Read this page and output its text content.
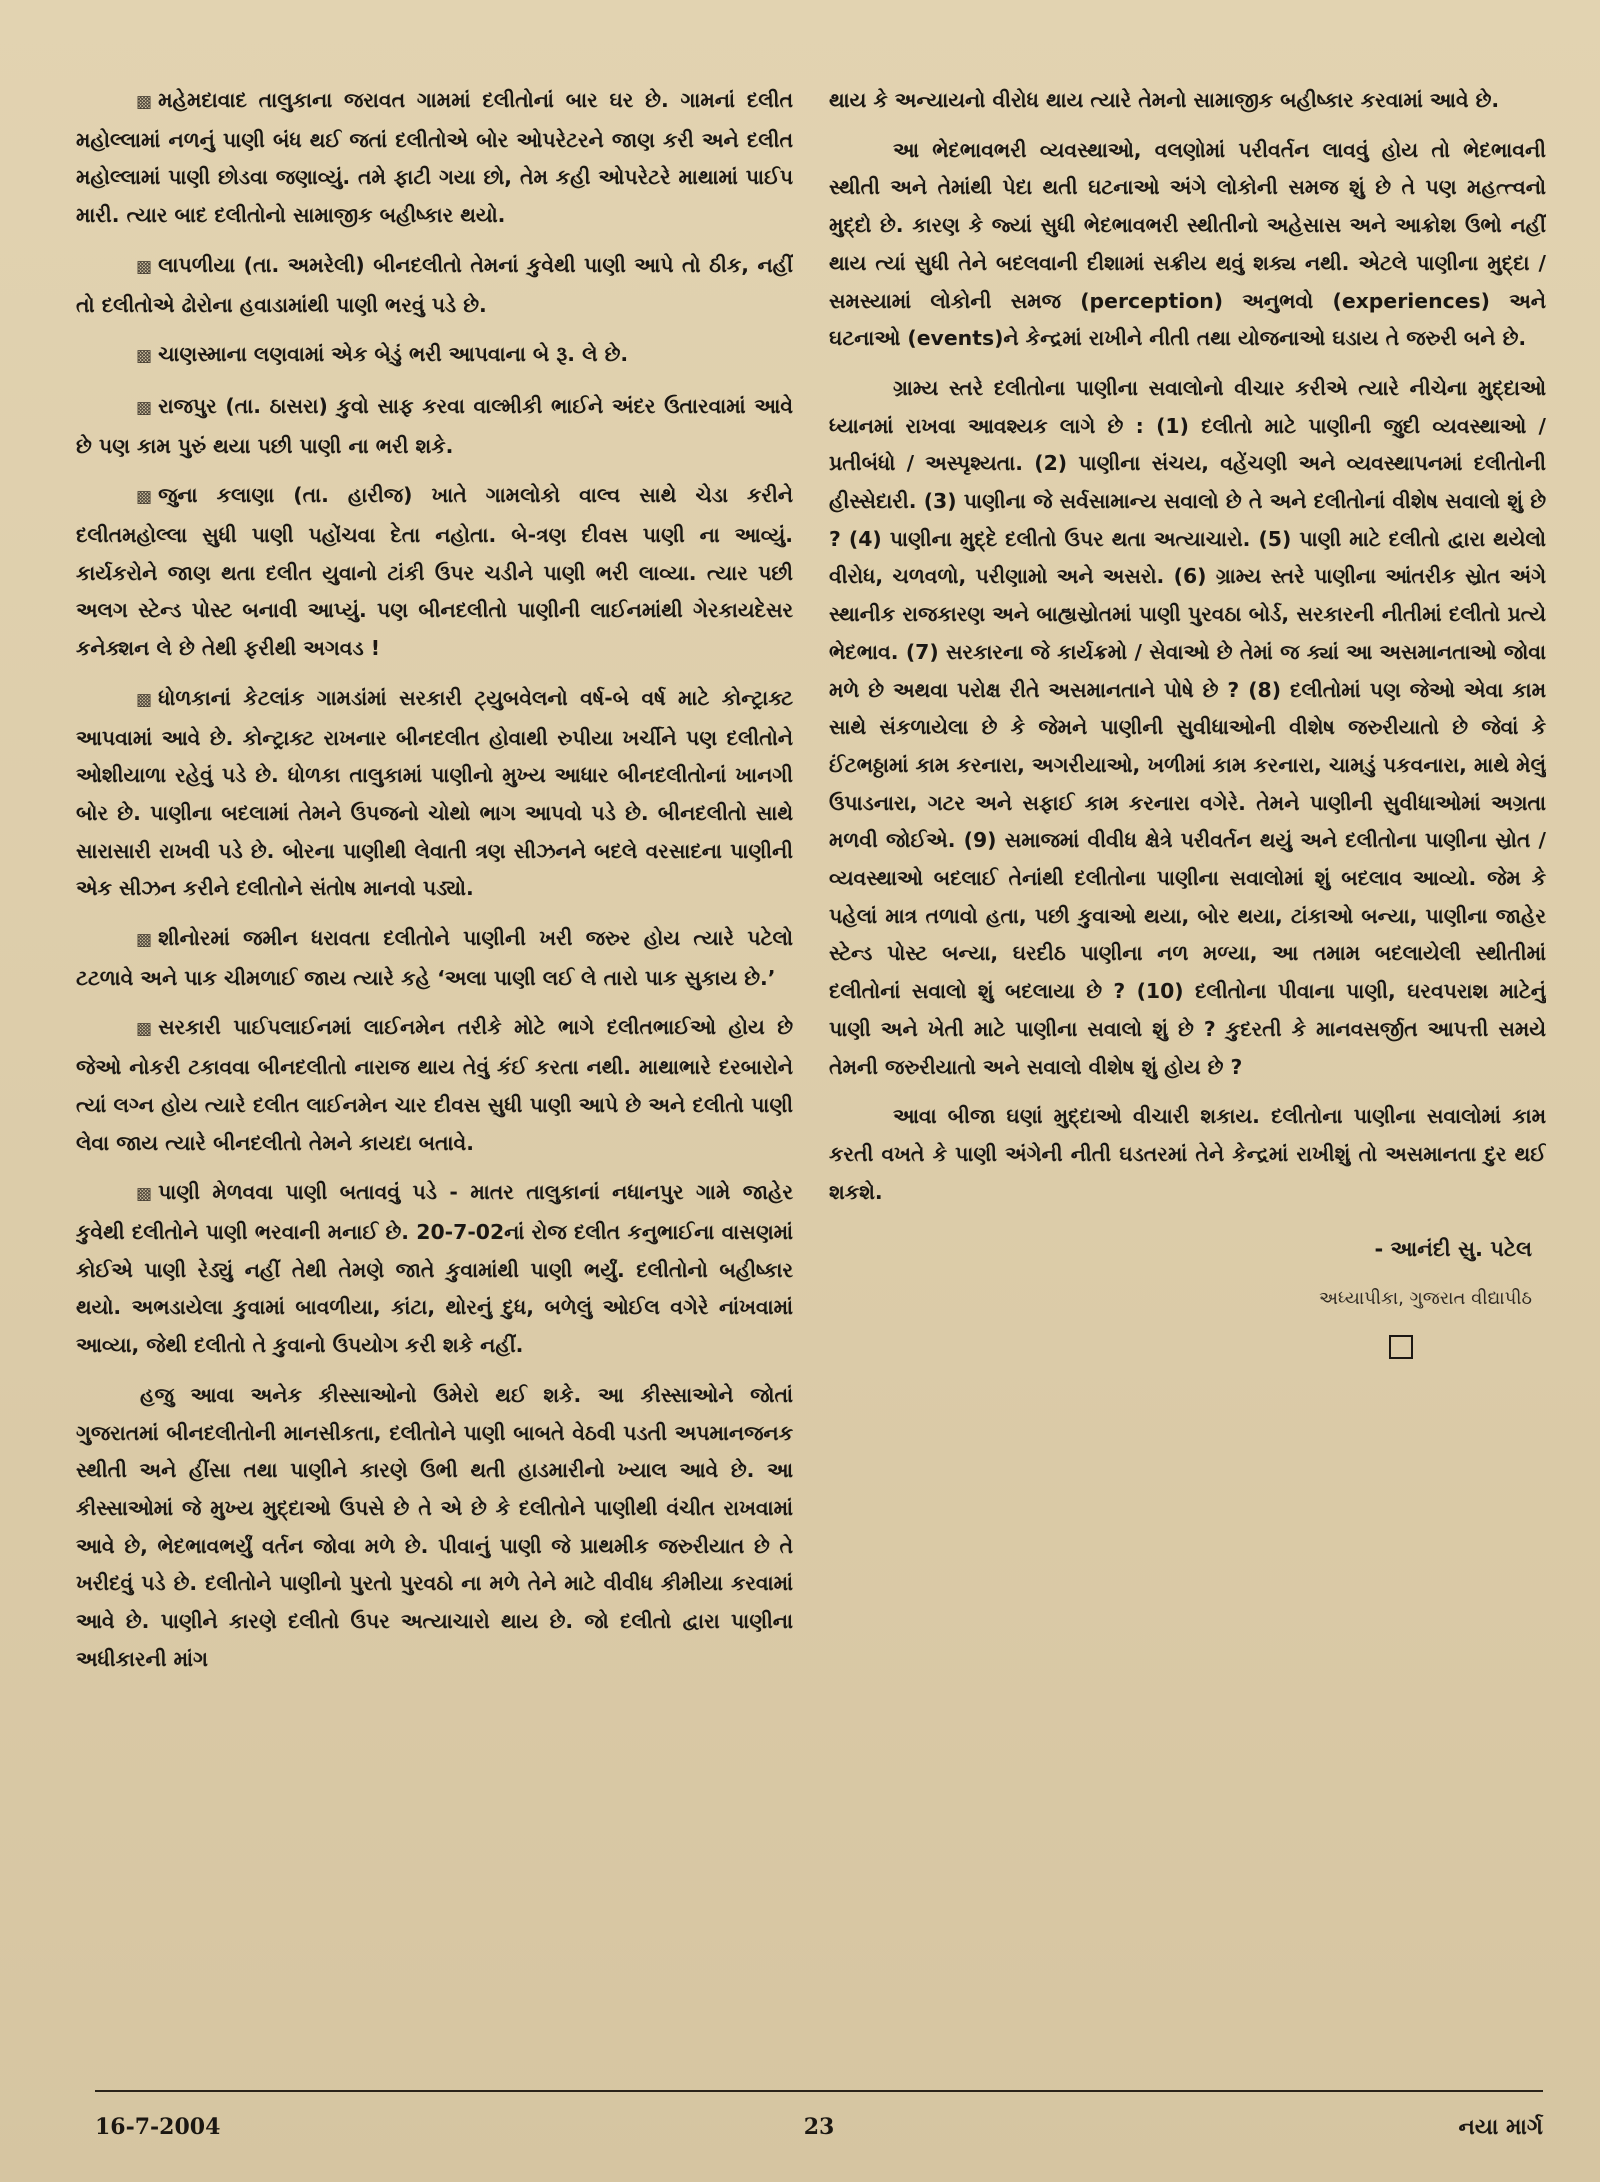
▩ મહેમદાવાદ તાલુકાના જરાવત ગામમાં દલીતોનાં બાર ઘર છે. ગામનાં દલીત મહોલ્લામાં નળનું પાણી બંધ થઈ જતાં દલીતોએ બોર ઓપરેટરને જાણ કરી અને દલીત મહોલ્લામાં પાણી છોડવા જણાવ્યું. તમે ફાટી ગયા છો, તેમ કહી ઓપરેટરે માથામાં પાઈપ મારી. ત્યાર બાદ દલીતોનો સામાજીક બહીષ્કાર થયો.

▩ લાપળીયા (તા. અમરેલી) બીનદલીતો તેમનાં કુવેથી પાણી આપે તો ઠીક, નહીં તો દલીતોએ ઢોરોના હવાડામાંથી પાણી ભરવું પડે છે.

▩ ચાણસ્માના લણવામાં એક બેડું ભરી આપવાના બે રૂ. લે છે.

▩ રાજપુર (તા. ઠાસરા) કુવો સાફ કરવા વાલ્મીકી ભાઈને અંદર ઉતારવામાં આવે છે પણ કામ પુરું થયા પછી પાણી ના ભરી શકે.

▩ જુના કલાણા (તા. હારીજ) ખાતે ગામલોકો વાલ્વ સાથે ચેડા કરીને દલીતમહોલ્લા સુધી પાણી પહોંચવા દેતા નહોતા. બે-ત્રણ દીવસ પાણી ના આવ્યું. કાર્યકરોને જાણ થતા દલીત યુવાનો ટાંકી ઉપર ચડીને પાણી ભરી લાવ્યા. ત્યાર પછી અલગ સ્ટેન્ડ પોસ્ટ બનાવી આપ્યું. પણ બીનદલીતો પાણીની લાઈનમાંથી ગેરકાયદેસર કનેક્શન લે છે તેથી ફરીથી અગવડ !

▩ ધોળકાનાં કેટલાંક ગામડાંમાં સરકારી ટ્યુબવેલનો વર્ષ-બે વર્ષ માટે કોન્ટ્રાક્ટ આપવામાં આવે છે. કોન્ટ્રાક્ટ રાખનાર બીનદલીત હોવાથી રુપીયા ખર્ચીને પણ દલીતોને ઓશીયાળા રહેવું પડે છે. ધોળકા તાલુકામાં પાણીનો મુખ્ય આધાર બીનદલીતોનાં ખાનગી બોર છે. પાણીના બદલામાં તેમને ઉપજનો ચોથો ભાગ આપવો પડે છે. બીનદલીતો સાથે સારાસારી રાખવી પડે છે. બોરના પાણીથી લેવાતી ત્રણ સીઝનને બદલે વરસાદના પાણીની એક સીઝન કરીને દલીતોને સંતોષ માનવો પડ્યો.

▩ શીનોરમાં જમીન ધરાવતા દલીતોને પાણીની ખરી જરુર હોય ત્યારે પટેલો ટટળાવે અને પાક ચીમળાઈ જાય ત્યારે કહે ‘અલા પાણી લઈ લે તારો પાક સુકાય છે.’

▩ સરકારી પાઈપલાઈનમાં લાઈનમેન તરીકે મોટે ભાગે દલીતભાઈઓ હોય છે જેઓ નોકરી ટકાવવા બીનદલીતો નારાજ થાય તેવું કંઈ કરતા નથી. માથાભારે દરબારોને ત્યાં લગ્ન હોય ત્યારે દલીત લાઈનમેન ચાર દીવસ સુધી પાણી આપે છે અને દલીતો પાણી લેવા જાય ત્યારે બીનદલીતો તેમને કાયદા બતાવે.

▩ પાણી મેળવવા પાણી બતાવવું પડે - માતર તાલુકાનાં નધાનપુર ગામે જાહેર કુવેથી દલીતોને પાણી ભરવાની મનાઈ છે. 20-7-02નાં રોજ દલીત કનુભાઈના વાસણમાં કોઈએ પાણી રેડ્યું નહીં તેથી તેમણે જાતે કુવામાંથી પાણી ભર્યું. દલીતોનો બહીષ્કાર થયો. અભડાયેલા કુવામાં બાવળીયા, કાંટા, થોરનું દુધ, બળેલું ઓઈલ વગેરે નાંખવામાં આવ્યા, જેથી દલીતો તે કુવાનો ઉપયોગ કરી શકે નહીં.

હજુ આવા અનેક કીસ્સાઓનો ઉમેરો થઈ શકે. આ કીસ્સાઓને જોતાં ગુજરાતમાં બીનદલીતોની માનસીકતા, દલીતોને પાણી બાબતે વેઠવી પડતી અપમાનજનક સ્થીતી અને હીંસા તથા પાણીને કારણે ઉભી થતી હાડમારીનો ખ્યાલ આવે છે. આ કીસ્સાઓમાં જે મુખ્ય મુદ્દાઓ ઉપસે છે તે એ છે કે દલીતોને પાણીથી વંચીત રાખવામાં આવે છે, ભેદભાવભર્યું વર્તન જોવા મળે છે. પીવાનું પાણી જે પ્રાથમીક જરુરીયાત છે તે ખરીદવું પડે છે. દલીતોને પાણીનો પુરતો પુરવઠો ના મળે તેને માટે વીવીધ કીમીયા કરવામાં આવે છે. પાણીને કારણે દલીતો ઉપર અત્યાચારો થાય છે. જો દલીતો દ્વારા પાણીના અધીકારની માંગ

થાય કે અન્યાયનો વીરોધ થાય ત્યારે તેમનો સામાજીક બહીષ્કાર કરવામાં આવે છે.

આ ભેદભાવભરી વ્યવસ્થાઓ, વલણોમાં પરીવર્તન લાવવું હોય તો ભેદભાવની સ્થીતી અને તેમાંથી પેદા થતી ઘટનાઓ અંગે લોકોની સમજ શું છે તે પણ મહત્ત્વનો મુદ્દો છે. કારણ કે જ્યાં સુધી ભેદભાવભરી સ્થીતીનો અહેસાસ અને આક્રોશ ઉભો નહીં થાય ત્યાં સુધી તેને બદલવાની દીશામાં સક્રીય થવું શક્ય નથી. એટલે પાણીના મુદ્દા / સમસ્યામાં લોકોની સમજ (perception) અનુભવો (experiences) અને ઘટનાઓ (events)ને કેન્દ્રમાં રાખીને નીતી તથા યોજનાઓ ઘડાય તે જરુરી બને છે.

ગ્રામ્ય સ્તરે દલીતોના પાણીના સવાલોનો વીચાર કરીએ ત્યારે નીચેના મુદ્દાઓ ધ્યાનમાં રાખવા આવશ્યક લાગે છે : (1) દલીતો માટે પાણીની જુદી વ્યવસ્થાઓ / પ્રતીબંધો / અસ્પૃશ્યતા. (2) પાણીના સંચય, વહેંચણી અને વ્યવસ્થાપનમાં દલીતોની હીસ્સેદારી. (3) પાણીના જે સર્વસામાન્ય સવાલો છે તે અને દલીતોનાં વીશેષ સવાલો શું છે ? (4) પાણીના મુદ્દે દલીતો ઉપર થતા અત્યાચારો. (5) પાણી માટે દલીતો દ્વારા થયેલો વીરોધ, ચળવળો, પરીણામો અને અસરો. (6) ગ્રામ્ય સ્તરે પાણીના આંતરીક સ્રોત અંગે સ્થાનીક રાજકારણ અને બાહ્યસ્રોતમાં પાણી પુરવઠા બોર્ડ, સરકારની નીતીમાં દલીતો પ્રત્યે ભેદભાવ. (7) સરકારના જે કાર્યક્રમો / સેવાઓ છે તેમાં જ ક્યાં આ અસમાનતાઓ જોવા મળે છે અથવા પરોક્ષ રીતે અસમાનતાને પોષે છે ? (8) દલીતોમાં પણ જેઓ એવા કામ સાથે સંકળાયેલા છે કે જેમને પાણીની સુવીધાઓની વીશેષ જરુરીયાતો છે જેવાં કે ઈંટભઠ્ઠામાં કામ કરનારા, અગરીયાઓ, ખળીમાં કામ કરનારા, ચામડું પકવનારા, માથે મેલું ઉપાડનારા, ગટર અને સફાઈ કામ કરનારા વગેરે. તેમને પાણીની સુવીધાઓમાં અગ્રતા મળવી જોઈએ. (9) સમાજમાં વીવીધ ક્ષેત્રે પરીવર્તન થયું અને દલીતોના પાણીના સ્રોત / વ્યવસ્થાઓ બદલાઈ તેનાંથી દલીતોના પાણીના સવાલોમાં શું બદલાવ આવ્યો. જેમ કે પહેલાં માત્ર તળાવો હતા, પછી કુવાઓ થયા, બોર થયા, ટાંકાઓ બન્યા, પાણીના જાહેર સ્ટેન્ડ પોસ્ટ બન્યા, ઘરદીઠ પાણીના નળ મળ્યા, આ તમામ બદલાયેલી સ્થીતીમાં દલીતોનાં સવાલો શું બદલાયા છે ? (10) દલીતોના પીવાના પાણી, ઘરવપરાશ માટેનું પાણી અને ખેતી માટે પાણીના સવાલો શું છે ? કુદરતી કે માનવસર્જીત આપત્તી સમયે તેમની જરુરીયાતો અને સવાલો વીશેષ શું હોય છે ?

આવા બીજા ઘણાં મુદ્દાઓ વીચારી શકાય. દલીતોના પાણીના સવાલોમાં કામ કરતી વખતે કે પાણી અંગેની નીતી ઘડતરમાં તેને કેન્દ્રમાં રાખીશું તો અસમાનતા દુર થઈ શકશે.

- આનંદી સુ. પટેલ
અધ્યાપીકા, ગુજરાત વીદ્યાપીઠ
16-7-2004	23	નયા માર્ગ
